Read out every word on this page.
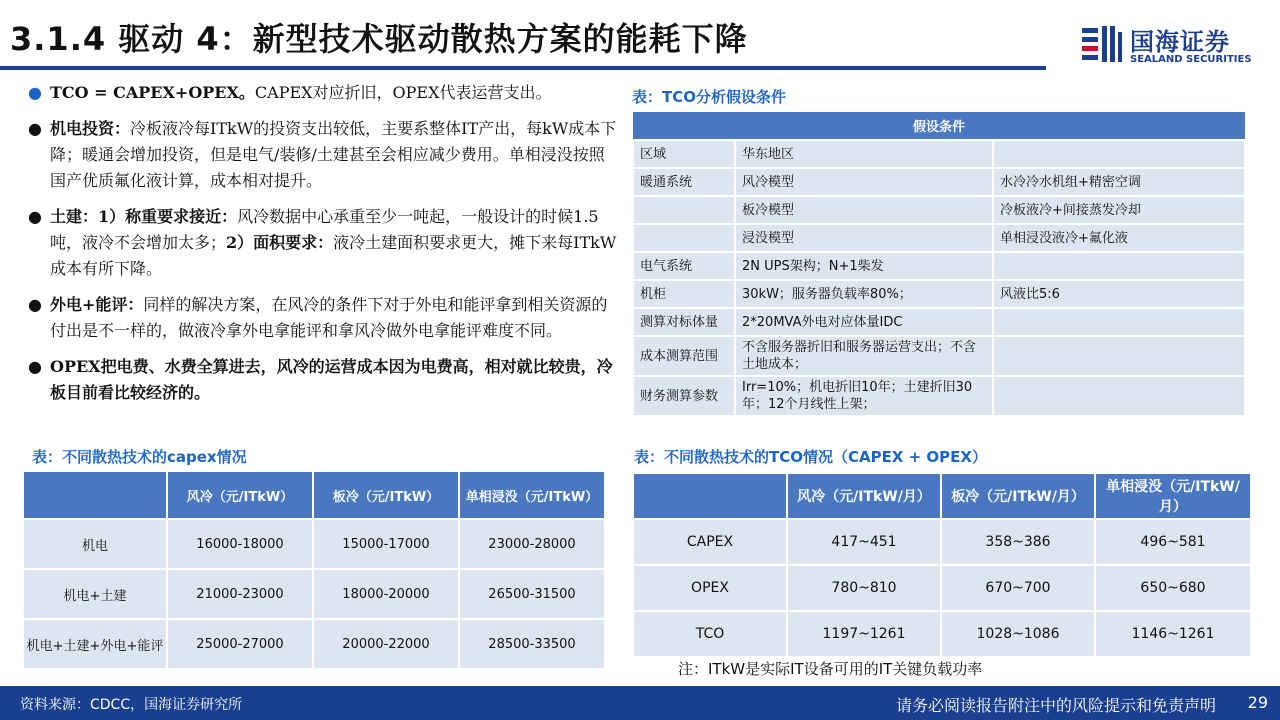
3.1.4 驱动 4：新型技术驱动散热方案的能耗下降	国海证券
SEALAND SECURITIES
● TCO = CAPEX+OPEX。CAPEX对应折旧，OPEX代表运营支出。
● 机电投资：冷板液冷每ITkW的投资支出较低，主要系整体IT产出，每kW成本下降；暖通会增加投资，但是电气/装修/土建甚至会相应减少费用。单相浸没按照国产优质氟化液计算，成本相对提升。
● 土建：1）称重要求接近：风冷数据中心承重至少一吨起，一般设计的时候1.5吨，液冷不会增加太多；2）面积要求：液冷土建面积要求更大，摊下来每ITkW成本有所下降。
● 外电+能评：同样的解决方案，在风冷的条件下对于外电和能评拿到相关资源的付出是不一样的，做液冷拿外电拿能评和拿风冷做外电拿能评难度不同。
● OPEX把电费、水费全算进去，风冷的运营成本因为电费高，相对就比较贵，冷板目前看比较经济的。
表：TCO分析假设条件
假设条件		
区域	华东地区	
暖通系统	风冷模型	水冷冷水机组+精密空调
	板冷模型	冷板液冷+间接蒸发冷却
	浸没模型	单相浸没液冷+氟化液
电气系统	2N UPS架构；N+1柴发	
机柜	30kW；服务器负载率80%；	风液比5:6
测算对标体量	2*20MVA外电对应体量IDC	
成本测算范围	不含服务器折旧和服务器运营支出；不含土地成本；	
财务测算参数	Irr=10%；机电折旧10年；土建折旧30年；12个月线性上架；	
表：不同散热技术的capex情况
	风冷（元/ITkW）	板冷（元/ITkW）	单相浸没（元/ITkW）
机电	16000-18000	15000-17000	23000-28000
机电+土建	21000-23000	18000-20000	26500-31500
机电+土建+外电+能评	25000-27000	20000-22000	28500-33500
表：不同散热技术的TCO情况（CAPEX + OPEX）
	风冷（元/ITkW/月）	板冷（元/ITkW/月）	单相浸没（元/ITkW/月）
CAPEX	417~451	358~386	496~581
OPEX	780~810	670~700	650~680
TCO	1197~1261	1028~1086	1146~1261
注：ITkW是实际IT设备可用的IT关键负载功率
资料来源：CDCC，国海证券研究所	请务必阅读报告附注中的风险提示和免责声明 29
